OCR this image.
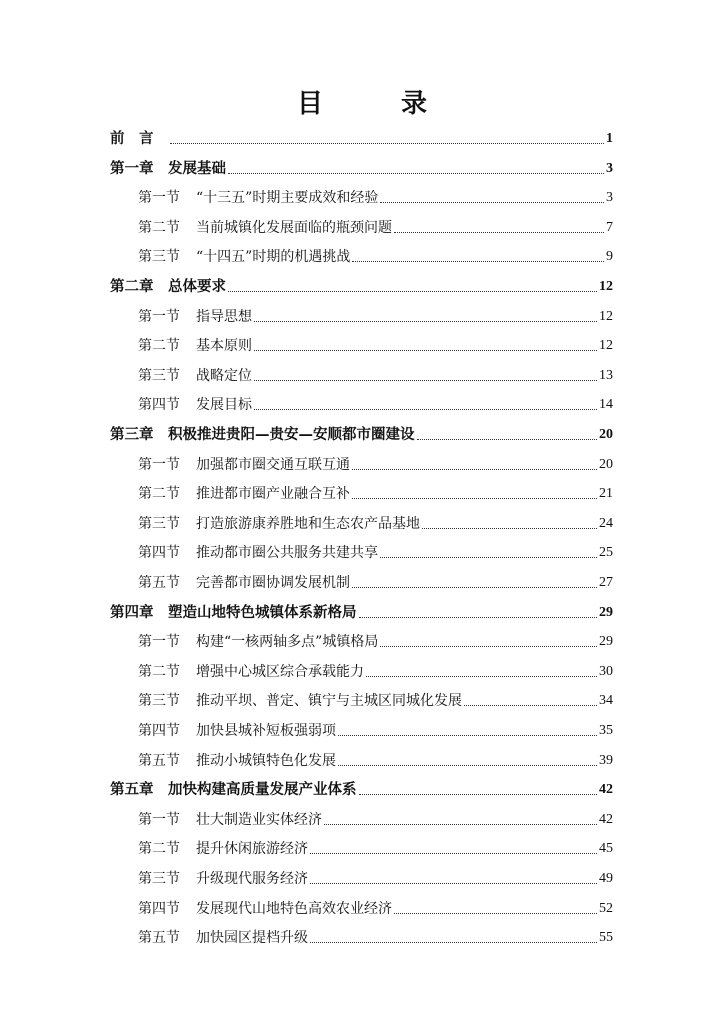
目　录
前　言	1
第一章	发展基础	3
第一节	“十三五”时期主要成效和经验	3
第二节	当前城镇化发展面临的瓶颈问题	7
第三节	“十四五”时期的机遇挑战	9
第二章	总体要求	12
第一节	指导思想	12
第二节	基本原则	12
第三节	战略定位	13
第四节	发展目标	14
第三章	积极推进贵阳—贵安—安顺都市圈建设	20
第一节	加强都市圈交通互联互通	20
第二节	推进都市圈产业融合互补	21
第三节	打造旅游康养胜地和生态农产品基地	24
第四节	推动都市圈公共服务共建共享	25
第五节	完善都市圈协调发展机制	27
第四章	塑造山地特色城镇体系新格局	29
第一节	构建“一核两轴多点”城镇格局	29
第二节	增强中心城区综合承载能力	30
第三节	推动平坝、普定、镇宁与主城区同城化发展	34
第四节	加快县城补短板强弱项	35
第五节	推动小城镇特色化发展	39
第五章	加快构建高质量发展产业体系	42
第一节	壮大制造业实体经济	42
第二节	提升休闲旅游经济	45
第三节	升级现代服务经济	49
第四节	发展现代山地特色高效农业经济	52
第五节	加快园区提档升级	55
